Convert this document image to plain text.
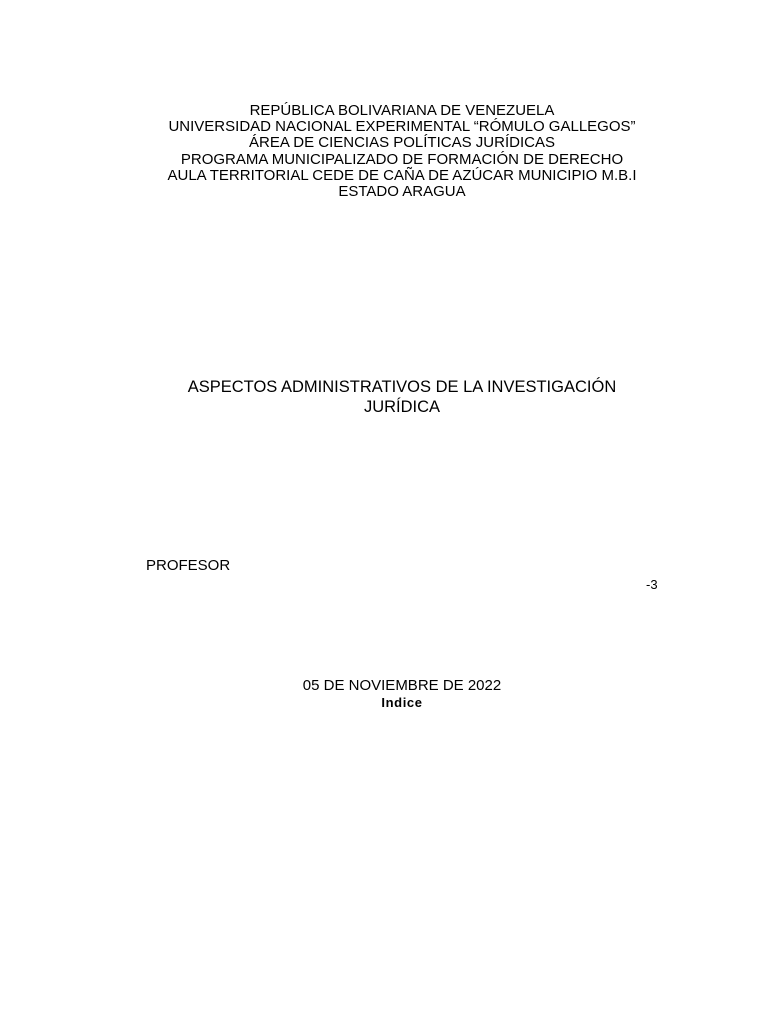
REPÚBLICA BOLIVARIANA DE VENEZUELA
UNIVERSIDAD NACIONAL EXPERIMENTAL “RÓMULO GALLEGOS”
ÁREA DE CIENCIAS POLÍTICAS JURÍDICAS
PROGRAMA MUNICIPALIZADO DE FORMACIÓN DE DERECHO
AULA TERRITORIAL CEDE DE CAÑA DE AZÚCAR MUNICIPIO M.B.I
ESTADO ARAGUA
ASPECTOS ADMINISTRATIVOS DE LA INVESTIGACIÓN
JURÍDICA
PROFESOR
-3
05 DE NOVIEMBRE DE 2022
Indice
